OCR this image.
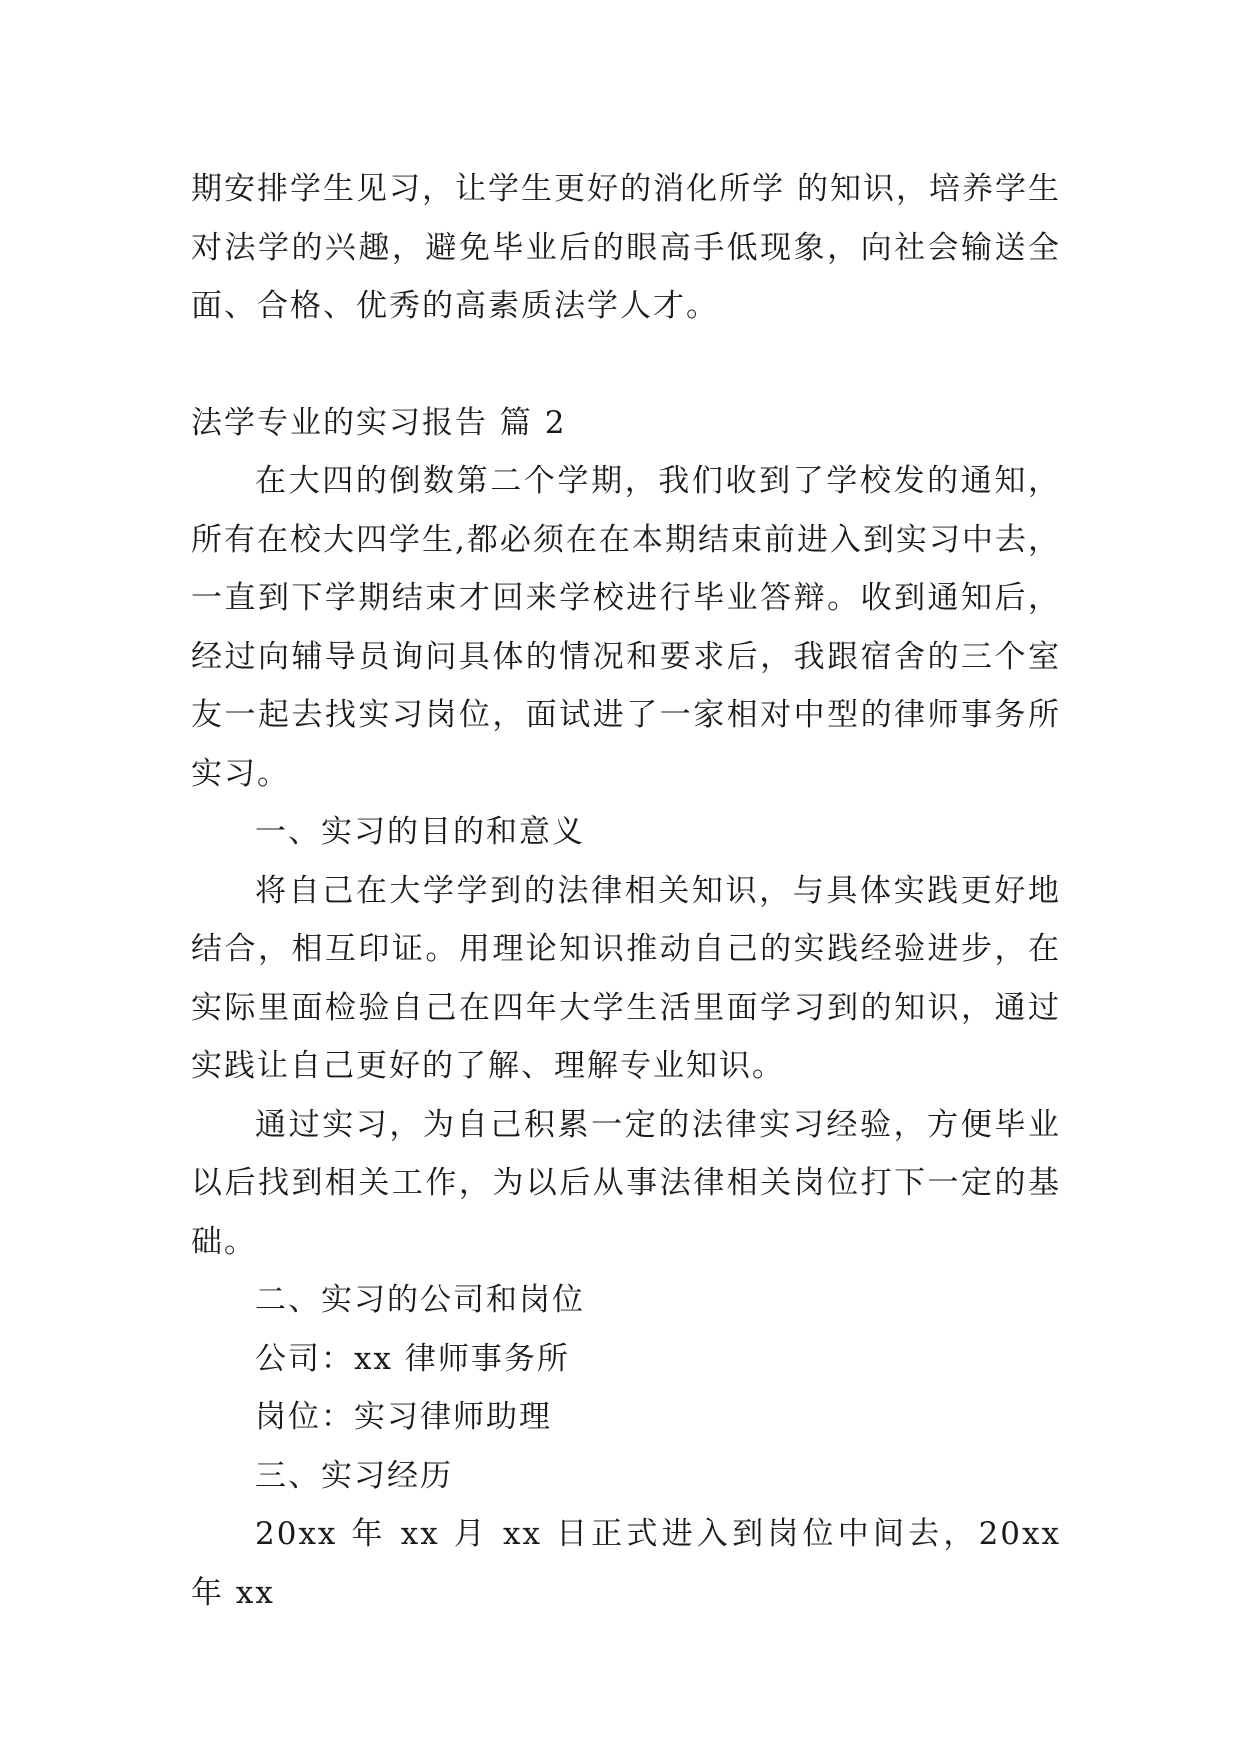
期安排学生见习，让学生更好的消化所学 的知识，培养学生对法学的兴趣，避免毕业后的眼高手低现象，向社会输送全面、合格、优秀的高素质法学人才。

法学专业的实习报告 篇 2

在大四的倒数第二个学期，我们收到了学校发的通知，所有在校大四学生,都必须在在本期结束前进入到实习中去，一直到下学期结束才回来学校进行毕业答辩。收到通知后，经过向辅导员询问具体的情况和要求后，我跟宿舍的三个室友一起去找实习岗位，面试进了一家相对中型的律师事务所实习。

一、实习的目的和意义

将自己在大学学到的法律相关知识，与具体实践更好地结合，相互印证。用理论知识推动自己的实践经验进步，在实际里面检验自己在四年大学生活里面学习到的知识，通过实践让自己更好的了解、理解专业知识。

通过实习，为自己积累一定的法律实习经验，方便毕业以后找到相关工作，为以后从事法律相关岗位打下一定的基础。

二、实习的公司和岗位

公司：xx 律师事务所

岗位：实习律师助理

三、实习经历

20xx 年 xx 月 xx 日正式进入到岗位中间去，20xx 年 xx
